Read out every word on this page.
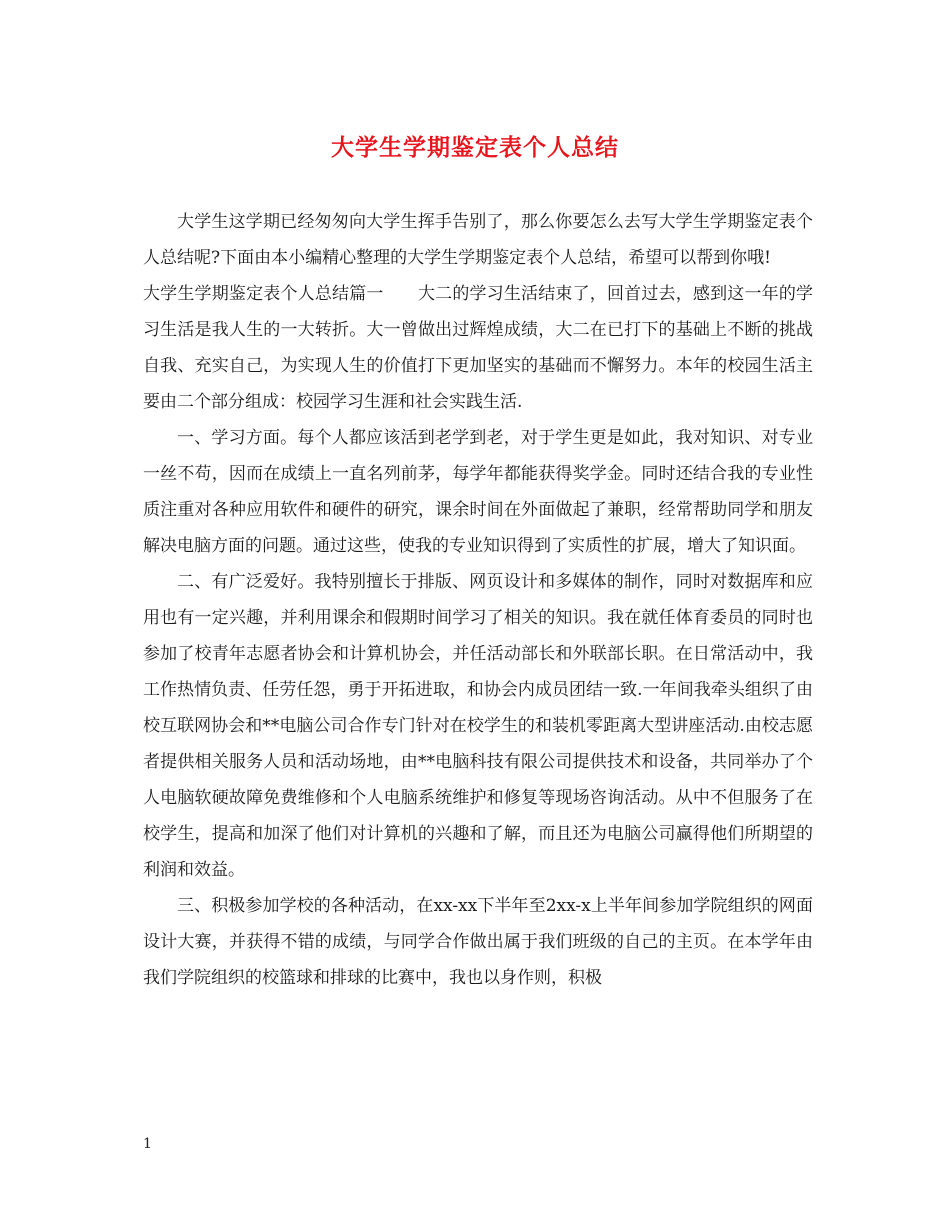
大学生学期鉴定表个人总结

大学生这学期已经匆匆向大学生挥手告别了，那么你要怎么去写大学生学期鉴定表个人总结呢?下面由本小编精心整理的大学生学期鉴定表个人总结，希望可以帮到你哦!

大学生学期鉴定表个人总结篇一　　大二的学习生活结束了，回首过去，感到这一年的学习生活是我人生的一大转折。大一曾做出过辉煌成绩，大二在已打下的基础上不断的挑战自我、充实自己，为实现人生的价值打下更加坚实的基础而不懈努力。本年的校园生活主要由二个部分组成：校园学习生涯和社会实践生活.

一、学习方面。每个人都应该活到老学到老，对于学生更是如此，我对知识、对专业一丝不苟，因而在成绩上一直名列前茅，每学年都能获得奖学金。同时还结合我的专业性质注重对各种应用软件和硬件的研究，课余时间在外面做起了兼职，经常帮助同学和朋友解决电脑方面的问题。通过这些，使我的专业知识得到了实质性的扩展，增大了知识面。

二、有广泛爱好。我特别擅长于排版、网页设计和多媒体的制作，同时对数据库和应用也有一定兴趣，并利用课余和假期时间学习了相关的知识。我在就任体育委员的同时也参加了校青年志愿者协会和计算机协会，并任活动部长和外联部长职。在日常活动中，我工作热情负责、任劳任怨，勇于开拓进取，和协会内成员团结一致.一年间我牵头组织了由校互联网协会和**电脑公司合作专门针对在校学生的和装机零距离大型讲座活动.由校志愿者提供相关服务人员和活动场地，由**电脑科技有限公司提供技术和设备，共同举办了个人电脑软硬故障免费维修和个人电脑系统维护和修复等现场咨询活动。从中不但服务了在校学生，提高和加深了他们对计算机的兴趣和了解，而且还为电脑公司赢得他们所期望的利润和效益。

三、积极参加学校的各种活动，在xx-xx下半年至2xx-x上半年间参加学院组织的网面设计大赛，并获得不错的成绩，与同学合作做出属于我们班级的自己的主页。在本学年由我们学院组织的校篮球和排球的比赛中，我也以身作则，积极

1
